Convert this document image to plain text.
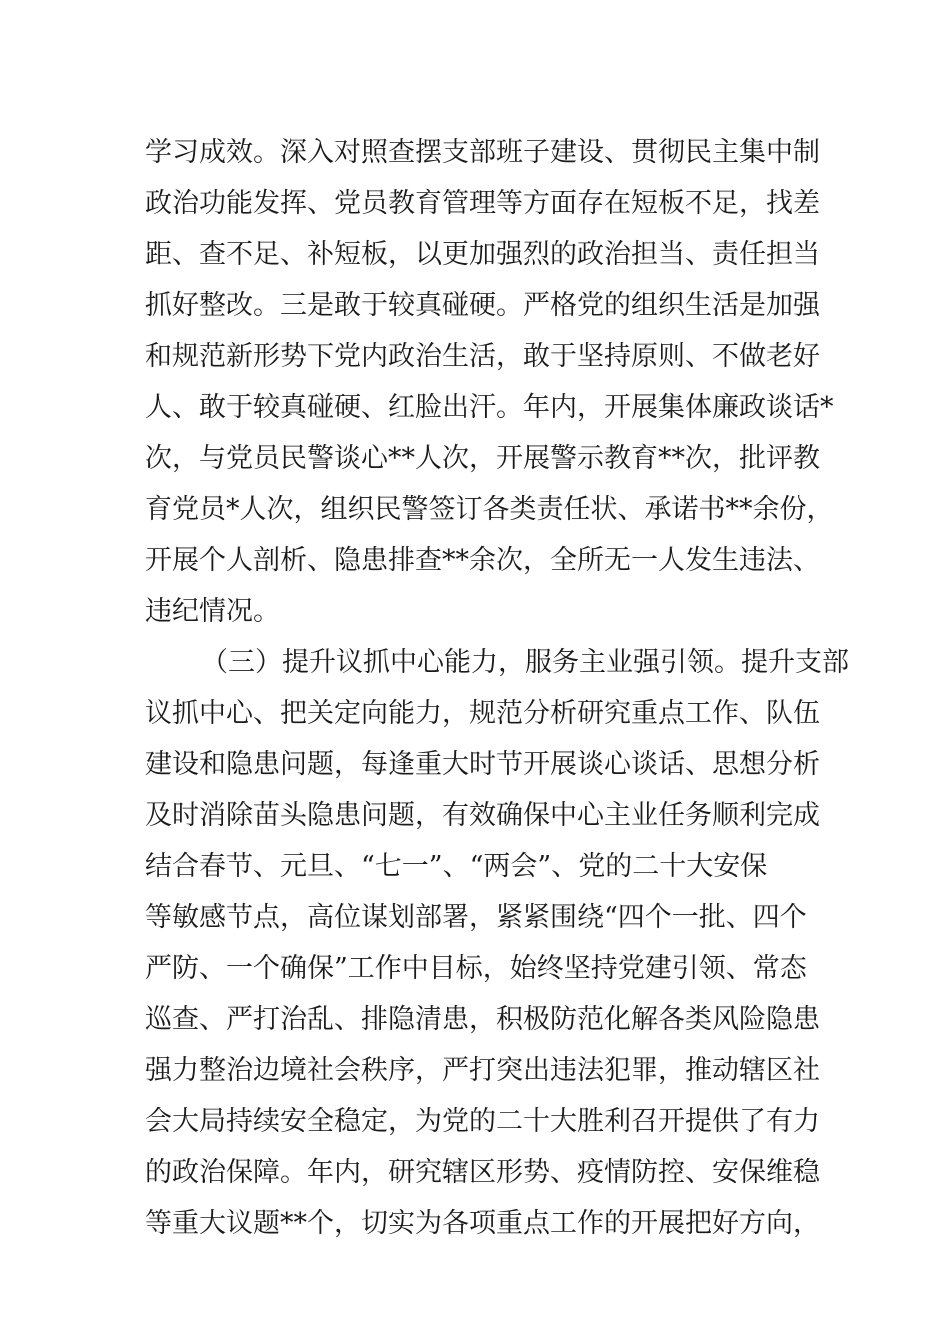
学习成效。深入对照查摆支部班子建设、贯彻民主集中制
政治功能发挥、党员教育管理等方面存在短板不足，找差
距、查不足、补短板，以更加强烈的政治担当、责任担当
抓好整改。三是敢于较真碰硬。严格党的组织生活是加强
和规范新形势下党内政治生活，敢于坚持原则、不做老好
人、敢于较真碰硬、红脸出汗。年内，开展集体廉政谈话*
次，与党员民警谈心**人次，开展警示教育**次，批评教
育党员*人次，组织民警签订各类责任状、承诺书**余份，
开展个人剖析、隐患排查**余次，全所无一人发生违法、
违纪情况。
（三）提升议抓中心能力，服务主业强引领。提升支部
议抓中心、把关定向能力，规范分析研究重点工作、队伍
建设和隐患问题，每逢重大时节开展谈心谈话、思想分析
及时消除苗头隐患问题，有效确保中心主业任务顺利完成
结合春节、元旦、“七一”、“两会”、党的二十大安保
等敏感节点，高位谋划部署，紧紧围绕“四个一批、四个
严防、一个确保”工作中目标，始终坚持党建引领、常态
巡查、严打治乱、排隐清患，积极防范化解各类风险隐患
强力整治边境社会秩序，严打突出违法犯罪，推动辖区社
会大局持续安全稳定，为党的二十大胜利召开提供了有力
的政治保障。年内，研究辖区形势、疫情防控、安保维稳
等重大议题**个，切实为各项重点工作的开展把好方向，
